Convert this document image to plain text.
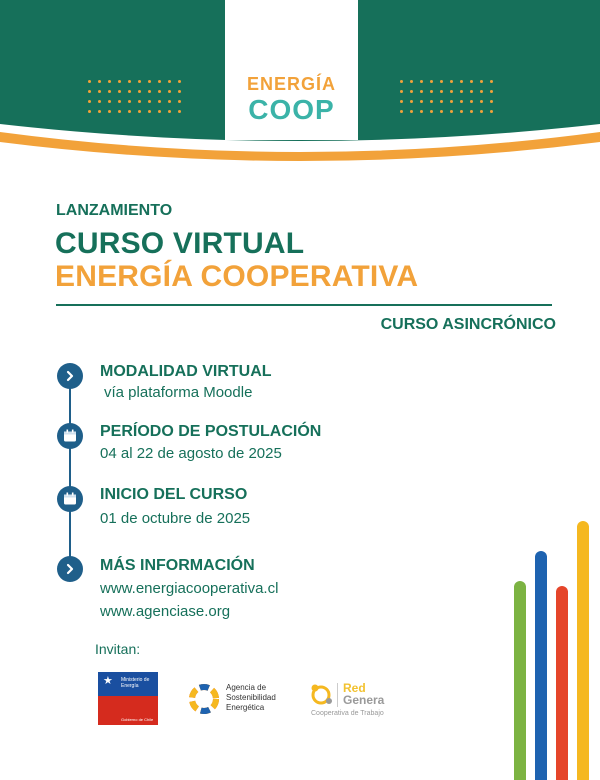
ENERGÍA
COOP
LANZAMIENTO
CURSO VIRTUAL
ENERGÍA COOPERATIVA
CURSO ASINCRÓNICO
MODALIDAD VIRTUAL
vía plataforma Moodle
PERÍODO DE POSTULACIÓN
04 al 22 de agosto de 2025
INICIO DEL CURSO
01 de octubre de 2025
MÁS INFORMACIÓN
www.energiacooperativa.cl
www.agenciase.org
Invitan:
★ Ministerio de
Energía
Gobierno de Chile
Agencia de
Sostenibilidad
Energética
Red
Genera
Cooperativa de Trabajo
